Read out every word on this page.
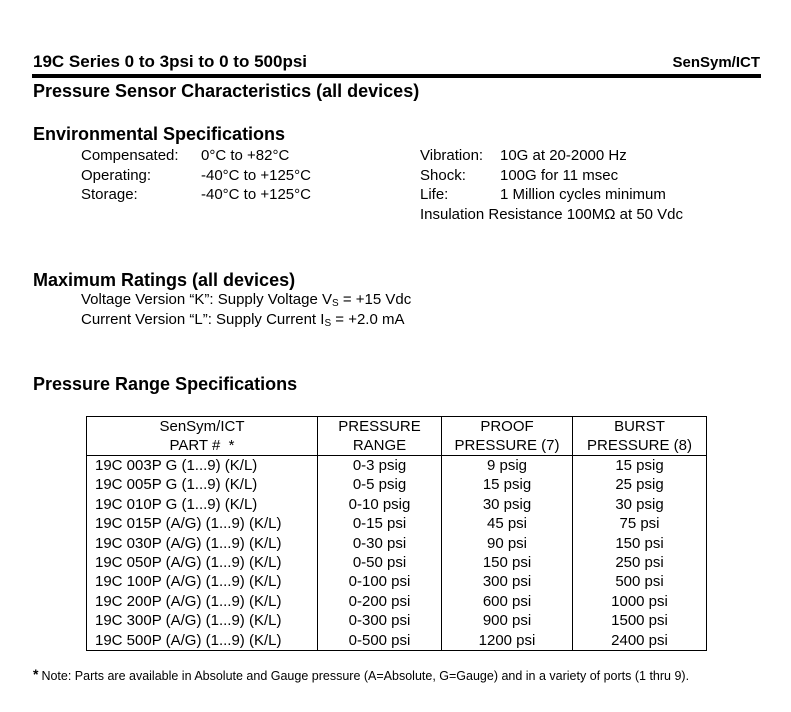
19C Series 0 to 3psi to 0 to 500psi	SenSym/ICT
Pressure Sensor Characteristics (all devices)
Environmental Specifications
Compensated: 0°C to +82°C
Operating:	-40°C to +125°C
Storage:	-40°C to +125°C
Vibration: 10G at 20-2000 Hz
Shock: 100G for 11 msec
Life:	1 Million cycles minimum
Insulation Resistance 100MΩ at 50 Vdc
Maximum Ratings (all devices)
Voltage Version “K”: Supply Voltage $V_S = +15$ Vdc
Current Version “L”: Supply Current $I_S = +2.0$ mA
Pressure Range Specifications
SenSym/ICT	PRESSURE	PROOF	BURST
PART #  *	RANGE	PRESSURE (7)	PRESSURE (8)
19C 003P G (1...9) (K/L)	0-3 psig	9 psig	15 psig
19C 005P G (1...9) (K/L)	0-5 psig	15 psig	25 psig
19C 010P G (1...9) (K/L)	0-10 psig	30 psig	30 psig
19C 015P (A/G) (1...9) (K/L)	0-15 psi	45 psi	75 psi
19C 030P (A/G) (1...9) (K/L)	0-30 psi	90 psi	150 psi
19C 050P (A/G) (1...9) (K/L)	0-50 psi	150 psi	250 psi
19C 100P (A/G) (1...9) (K/L)	0-100 psi	300 psi	500 psi
19C 200P (A/G) (1...9) (K/L)	0-200 psi	600 psi	1000 psi
19C 300P (A/G) (1...9) (K/L)	0-300 psi	900 psi	1500 psi
19C 500P (A/G) (1...9) (K/L)	0-500 psi	1200 psi	2400 psi
* Note: Parts are available in Absolute and Gauge pressure (A=Absolute, G=Gauge) and in a variety of ports (1 thru 9).
